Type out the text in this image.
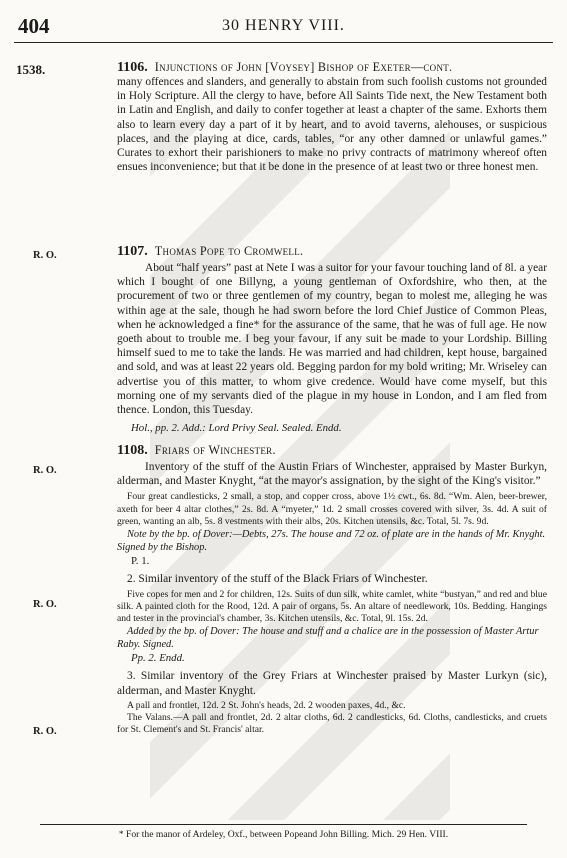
404	30 HENRY VIII.
1538.
R. O.
R. O.
R. O.
R. O.

1106. Injunctions of John [Voysey] Bishop of Exeter—cont.

many offences and slanders, and generally to abstain from such foolish customs not grounded in Holy Scripture. All the clergy to have, before All Saints Tide next, the New Testament both in Latin and English, and daily to confer together at least a chapter of the same. Exhorts them also to learn every day a part of it by heart, and to avoid taverns, alehouses, or suspicious places, and the playing at dice, cards, tables, “or any other damned or unlawful games.” Curates to exhort their parishioners to make no privy contracts of matrimony whereof often ensues inconvenience; but that it be done in the presence of at least two or three honest men.

1107. Thomas Pope to Cromwell.

About “half years” past at Nete I was a suitor for your favour touching land of 8l. a year which I bought of one Billyng, a young gentleman of Oxfordshire, who then, at the procurement of two or three gentlemen of my country, began to molest me, alleging he was within age at the sale, though he had sworn before the lord Chief Justice of Common Pleas, when he acknowledged a fine* for the assurance of the same, that he was of full age. He now goeth about to trouble me. I beg your favour, if any suit be made to your Lordship. Billing himself sued to me to take the lands. He was married and had children, kept house, bargained and sold, and was at least 22 years old. Begging pardon for my bold writing; Mr. Wriseley can advertise you of this matter, to whom give credence. Would have come myself, but this morning one of my servants died of the plague in my house in London, and I am fled from thence. London, this Tuesday.

Hol., pp. 2. Add.: Lord Privy Seal. Sealed. Endd.

1108. Friars of Winchester.

Inventory of the stuff of the Austin Friars of Winchester, appraised by Master Burkyn, alderman, and Master Knyght, “at the mayor's assignation, by the sight of the King's visitor.”

Four great candlesticks, 2 small, a stop, and copper cross, above 1½ cwt., 6s. 8d. “Wm. Alen, beer-brewer, axeth for beer 4 altar clothes,” 2s. 8d. A “myeter,” 1d. 2 small crosses covered with silver, 3s. 4d. A suit of green, wanting an alb, 5s. 8 vestments with their albs, 20s. Kitchen utensils, &c. Total, 5l. 7s. 9d.

Note by the bp. of Dover:—Debts, 27s. The house and 72 oz. of plate are in the hands of Mr. Knyght. Signed by the Bishop.

P. 1.

2. Similar inventory of the stuff of the Black Friars of Winchester.

Five copes for men and 2 for children, 12s. Suits of dun silk, white camlet, white “bustyan,” and red and blue silk. A painted cloth for the Rood, 12d. A pair of organs, 5s. An altare of needlework, 10s. Bedding. Hangings and tester in the provincial's chamber, 3s. Kitchen utensils, &c. Total, 9l. 15s. 2d.

Added by the bp. of Dover: The house and stuff and a chalice are in the possession of Master Artur Raby. Signed.

Pp. 2. Endd.

3. Similar inventory of the Grey Friars at Winchester praised by Master Lurkyn (sic), alderman, and Master Knyght.

A pall and frontlet, 12d. 2 St. John's heads, 2d. 2 wooden paxes, 4d., &c.

The Valans.—A pall and frontlet, 2d. 2 altar cloths, 6d. 2 candlesticks, 6d. Cloths, candlesticks, and cruets for St. Clement's and St. Francis' altar.

* For the manor of Ardeley, Oxf., between Popeand John Billing. Mich. 29 Hen. VIII.
